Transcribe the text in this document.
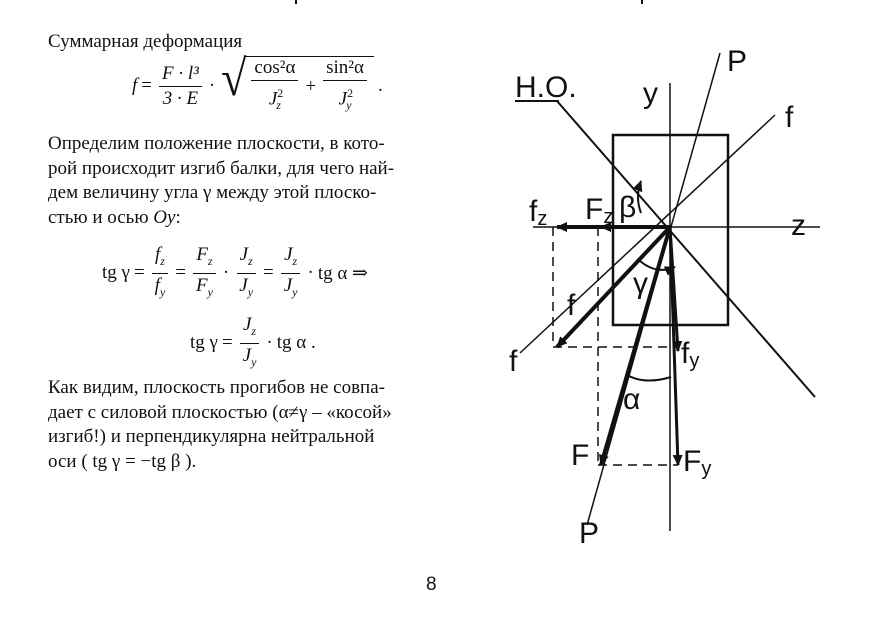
Суммарная деформация
$f = \frac{\text{F · l³}}{3 \cdot E}$ · √ $\frac{\text{cos²α}}{J^2_z} + \frac{\text{sin²α}}{J^2_y}$ .
Определим положение плоскости, в кото-
рой происходит изгиб балки, для чего най-
дем величину угла γ между этой плоско-
стью и осью Oy:
tg $\gamma = \frac{f_z}{f_y} = \frac{F_z}{F_y} \cdot \frac{J_z}{J_y} = \frac{J_z}{J_y}$ · tg α ⇒
tg $\gamma = \frac{J_z}{J_y}$ · tg α .
Как видим, плоскость прогибов не совпа-
дает с силовой плоскостью (α≠γ – «косой»
изгиб!) и перпендикулярна нейтральной
оси ( tg γ = −tg β ).
Н.О. y
z
P
P
f
f
fz Fz β
γ
f
fy
α
F	Fy
8
